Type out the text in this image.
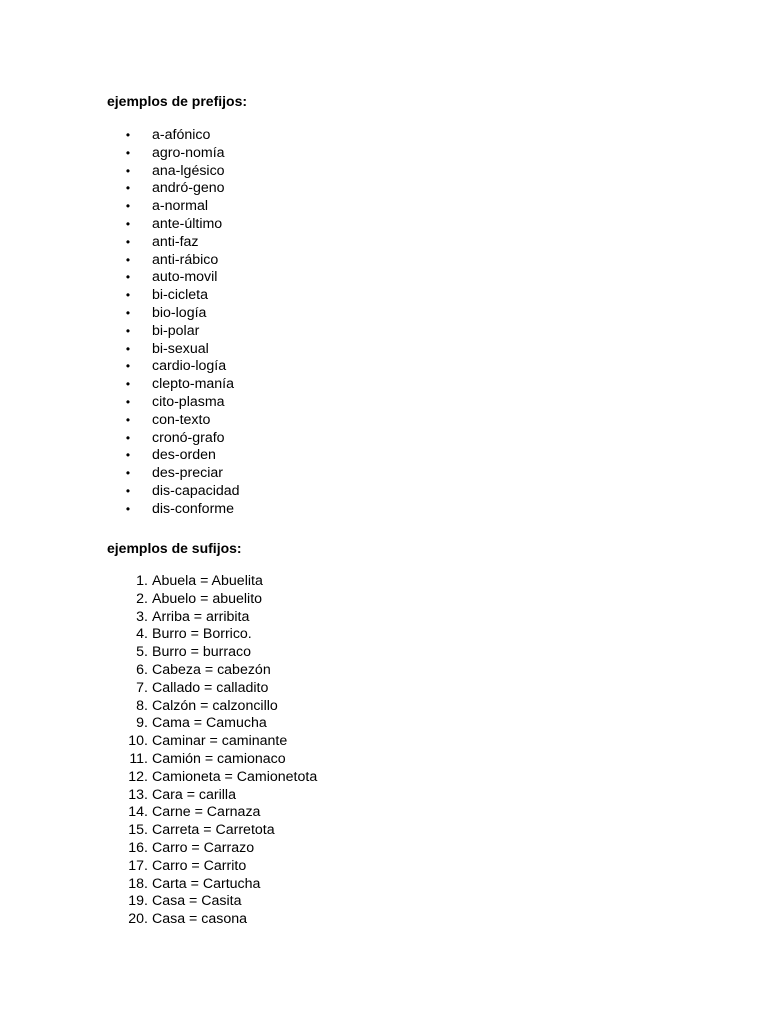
ejemplos de prefijos:
•	a-afónico
•	agro-nomía
•	ana-lgésico
•	andró-geno
•	a-normal
•	ante-último
•	anti-faz
•	anti-rábico
•	auto-movil
•	bi-cicleta
•	bio-logía
•	bi-polar
•	bi-sexual
•	cardio-logía
•	clepto-manía
•	cito-plasma
•	con-texto
•	cronó-grafo
•	des-orden
•	des-preciar
•	dis-capacidad
•	dis-conforme
ejemplos de sufijos:
1. Abuela = Abuelita
2. Abuelo = abuelito
3. Arriba = arribita
4. Burro = Borrico.
5. Burro = burraco
6. Cabeza = cabezón
7. Callado = calladito
8. Calzón = calzoncillo
9. Cama = Camucha
10. Caminar = caminante
11. Camión = camionaco
12. Camioneta = Camionetota
13. Cara = carilla
14. Carne = Carnaza
15. Carreta = Carretota
16. Carro = Carrazo
17. Carro = Carrito
18. Carta = Cartucha
19. Casa = Casita
20. Casa = casona
